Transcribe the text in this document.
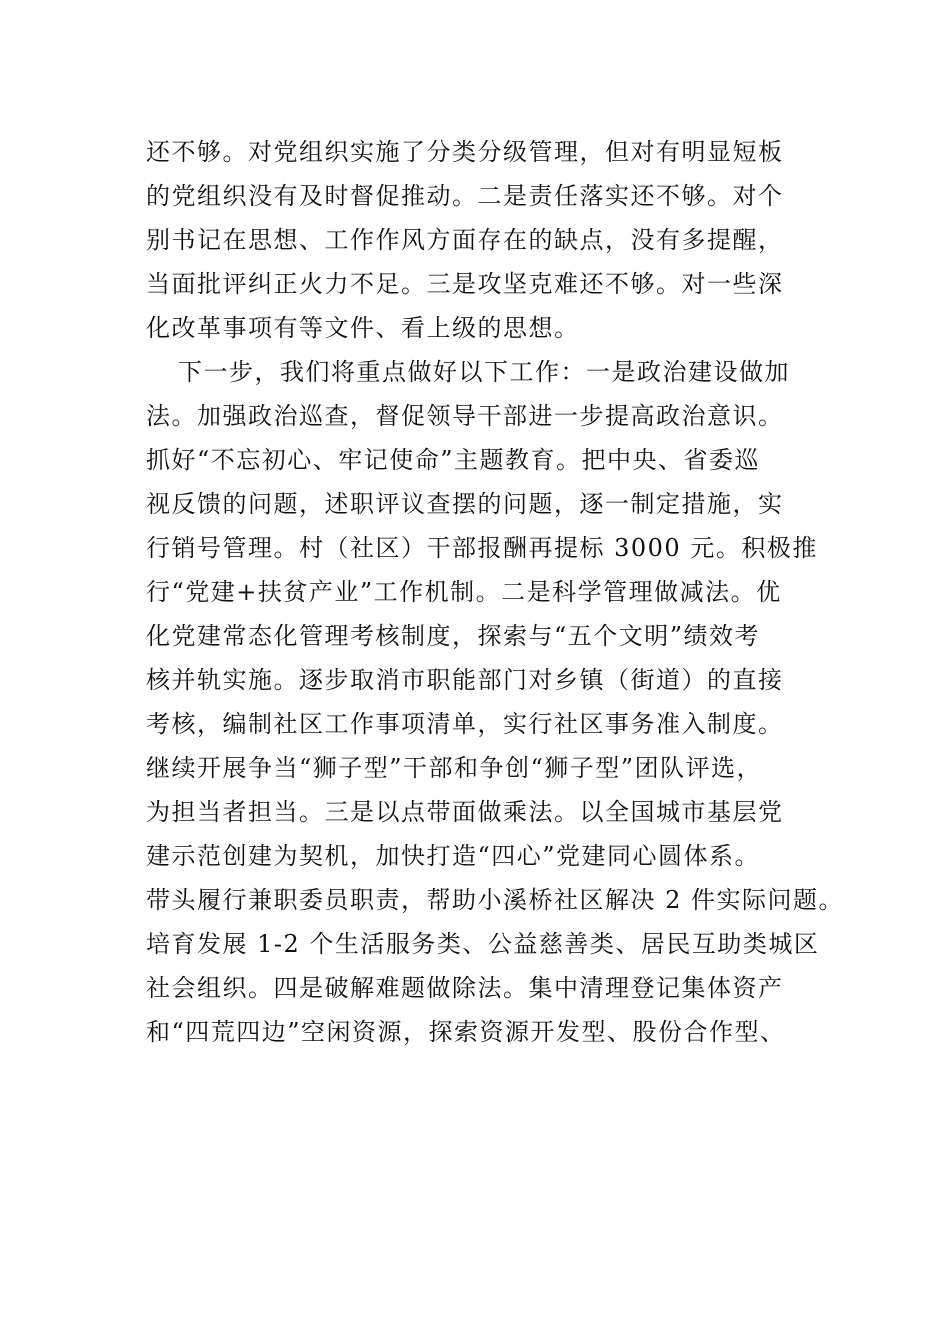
还不够。对党组织实施了分类分级管理，但对有明显短板
的党组织没有及时督促推动。二是责任落实还不够。对个
别书记在思想、工作作风方面存在的缺点，没有多提醒，
当面批评纠正火力不足。三是攻坚克难还不够。对一些深
化改革事项有等文件、看上级的思想。
下一步，我们将重点做好以下工作：一是政治建设做加
法。加强政治巡查，督促领导干部进一步提高政治意识。
抓好“不忘初心、牢记使命”主题教育。把中央、省委巡
视反馈的问题，述职评议查摆的问题，逐一制定措施，实
行销号管理。村（社区）干部报酬再提标 3000 元。积极推
行“党建+扶贫产业”工作机制。二是科学管理做减法。优
化党建常态化管理考核制度，探索与“五个文明”绩效考
核并轨实施。逐步取消市职能部门对乡镇（街道）的直接
考核，编制社区工作事项清单，实行社区事务准入制度。
继续开展争当“狮子型”干部和争创“狮子型”团队评选，
为担当者担当。三是以点带面做乘法。以全国城市基层党
建示范创建为契机，加快打造“四心”党建同心圆体系。
带头履行兼职委员职责，帮助小溪桥社区解决 2 件实际问题。
培育发展 1-2 个生活服务类、公益慈善类、居民互助类城区
社会组织。四是破解难题做除法。集中清理登记集体资产
和“四荒四边”空闲资源，探索资源开发型、股份合作型、
